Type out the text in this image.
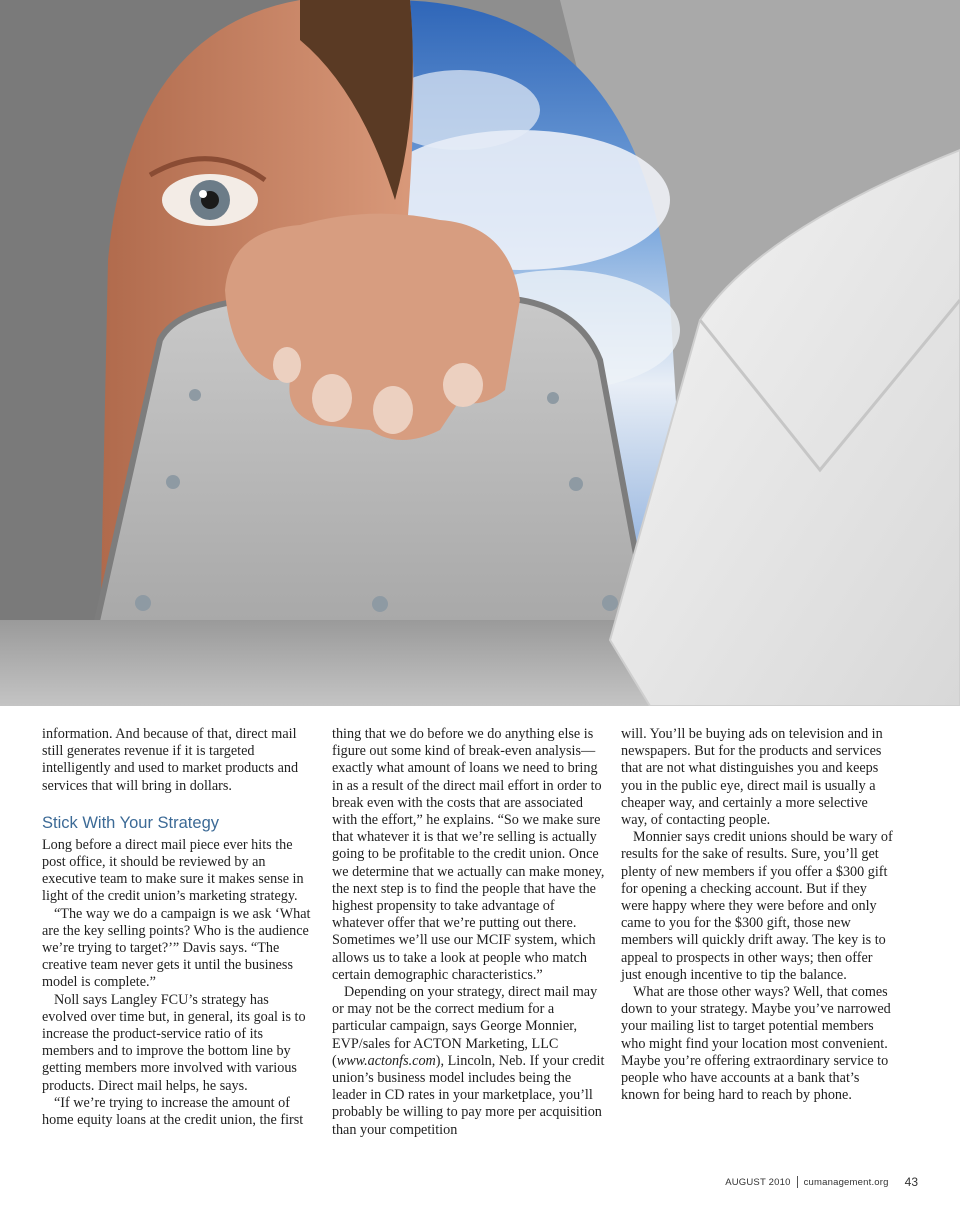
information. And because of that, direct mail still generates revenue if it is targeted intelligently and used to market products and services that will bring in dollars.

Stick With Your Strategy

Long before a direct mail piece ever hits the post office, it should be reviewed by an executive team to make sure it makes sense in light of the credit union’s marketing strategy.

“The way we do a campaign is we ask ‘What are the key selling points? Who is the audience we’re trying to target?’” Davis says. “The creative team never gets it until the business model is complete.”

Noll says Langley FCU’s strategy has evolved over time but, in general, its goal is to increase the product-service ratio of its members and to improve the bottom line by getting members more involved with various products. Direct mail helps, he says.

“If we’re trying to increase the amount of home equity loans at the credit union, the first

thing that we do before we do anything else is figure out some kind of break-even analysis—exactly what amount of loans we need to bring in as a result of the direct mail effort in order to break even with the costs that are associated with the effort,” he explains. “So we make sure that whatever it is that we’re selling is actually going to be profitable to the credit union. Once we determine that we actually can make money, the next step is to find the people that have the highest propensity to take advantage of whatever offer that we’re putting out there. Sometimes we’ll use our MCIF system, which allows us to take a look at people who match certain demographic characteristics.”

Depending on your strategy, direct mail may or may not be the correct medium for a particular campaign, says George Monnier, EVP/sales for ACTON Marketing, LLC (www.actonfs.com), Lincoln, Neb. If your credit union’s business model includes being the leader in CD rates in your marketplace, you’ll probably be willing to pay more per acquisition than your competition

will. You’ll be buying ads on television and in newspapers. But for the products and services that are not what distinguishes you and keeps you in the public eye, direct mail is usually a cheaper way, and certainly a more selective way, of contacting people.

Monnier says credit unions should be wary of results for the sake of results. Sure, you’ll get plenty of new members if you offer a $300 gift for opening a checking account. But if they were happy where they were before and only came to you for the $300 gift, those new members will quickly drift away. The key is to appeal to prospects in other ways; then offer just enough incentive to tip the balance.

What are those other ways? Well, that comes down to your strategy. Maybe you’ve narrowed your mailing list to target potential members who might find your location most convenient. Maybe you’re offering extraordinary service to people who have accounts at a bank that’s known for being hard to reach by phone.

AUGUST 2010 cumanagement.org 43
